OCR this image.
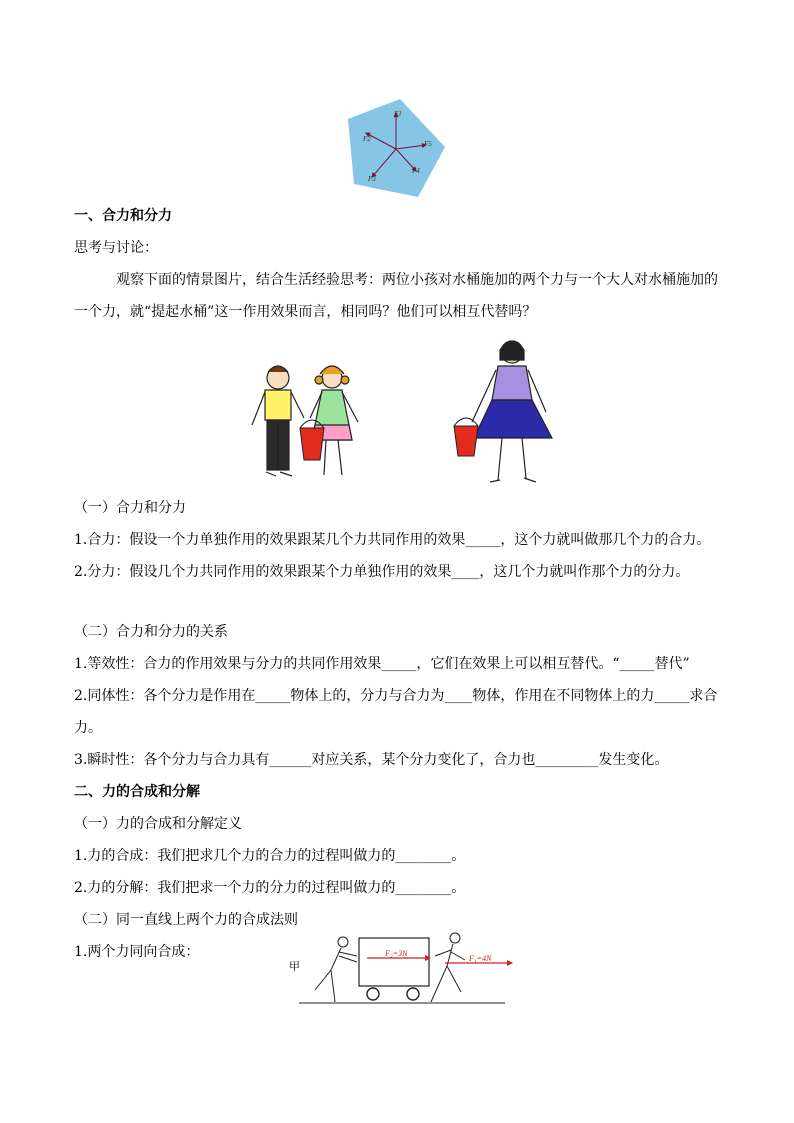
F1
F2
F3
F4
F5
一、合力和分力
思考与讨论：
观察下面的情景图片，结合生活经验思考：两位小孩对水桶施加的两个力与一个大人对水桶施加的
一个力，就“提起水桶”这一作用效果而言，相同吗？他们可以相互代替吗？
（一）合力和分力
1.合力：假设一个力单独作用的效果跟某几个力共同作用的效果_____，这个力就叫做那几个力的合力。
2.分力：假设几个力共同作用的效果跟某个力单独作用的效果____，这几个力就叫作那个力的分力。
（二）合力和分力的关系
1.等效性：合力的作用效果与分力的共同作用效果_____，它们在效果上可以相互替代。“_____替代”
2.同体性：各个分力是作用在_____物体上的，分力与合力为____物体，作用在不同物体上的力_____求合
力。
3.瞬时性：各个分力与合力具有______对应关系，某个分力变化了，合力也_________发生变化。
二、力的合成和分解
（一）力的合成和分解定义
1.力的合成：我们把求几个力的合力的过程叫做力的________。
2.力的分解：我们把求一个力的分力的过程叫做力的________。
（二）同一直线上两个力的合成法则
1.两个力同向合成：
甲
F₂=3N
F₁=4N
